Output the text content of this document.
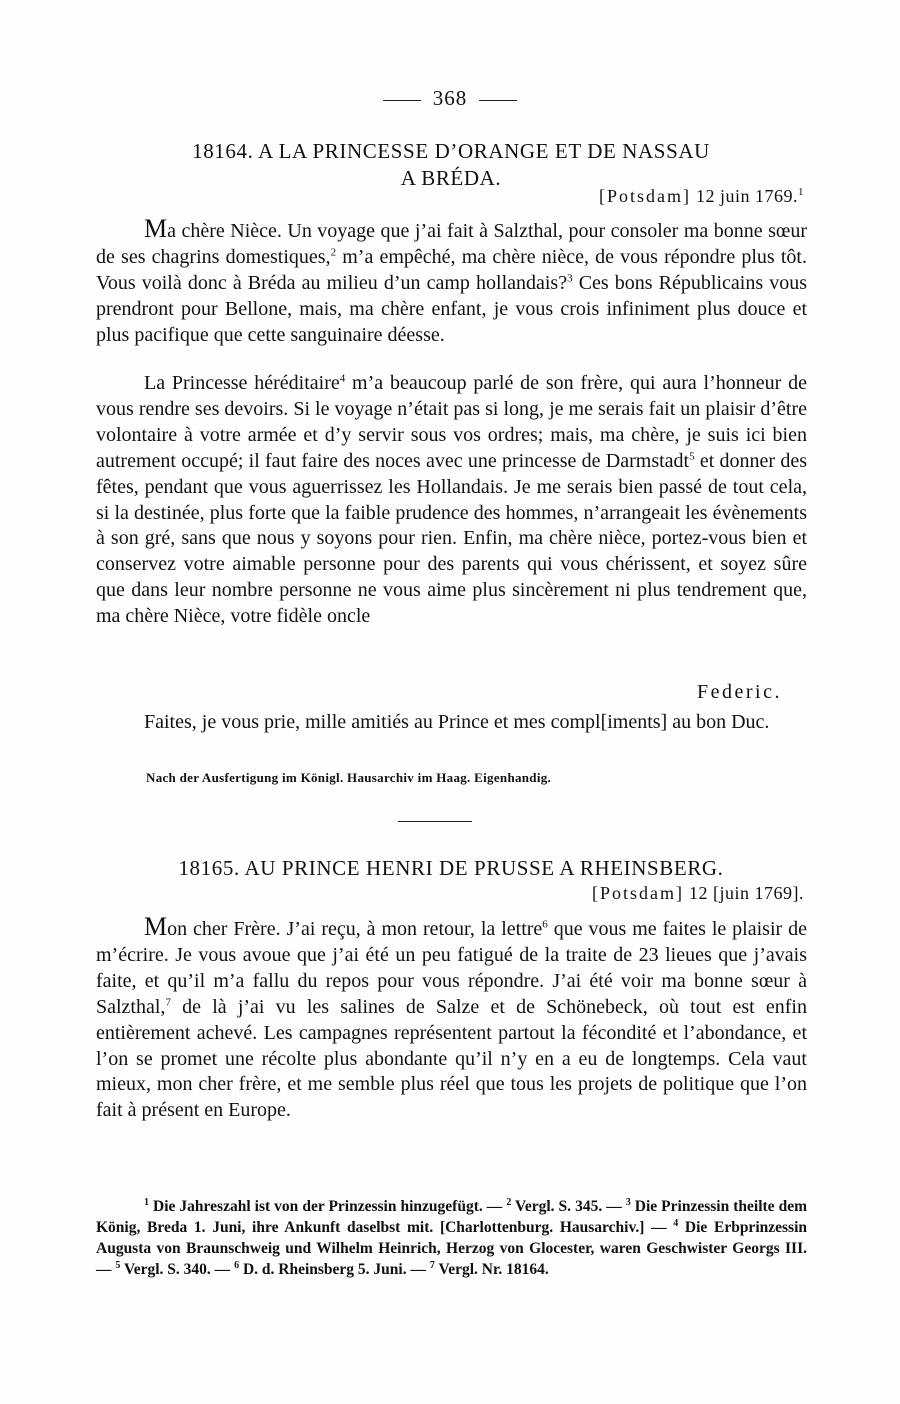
368
18164. A LA PRINCESSE D’ORANGE ET DE NASSAU
A BRÉDA.
[Potsdam] 12 juin 1769.$^1$

Ma chère Nièce. Un voyage que j’ai fait à Salzthal, pour consoler ma bonne sœur de ses chagrins domestiques,$^2$ m’a empêché, ma chère nièce, de vous répondre plus tôt. Vous voilà donc à Bréda au milieu d’un camp hollandais?$^3$ Ces bons Républicains vous prendront pour Bellone, mais, ma chère enfant, je vous crois infiniment plus douce et plus pacifique que cette sanguinaire déesse.

La Princesse héréditaire$^4$ m’a beaucoup parlé de son frère, qui aura l’honneur de vous rendre ses devoirs. Si le voyage n’était pas si long, je me serais fait un plaisir d’être volontaire à votre armée et d’y servir sous vos ordres; mais, ma chère, je suis ici bien autrement occupé; il faut faire des noces avec une princesse de Darmstadt$^5$ et donner des fêtes, pendant que vous aguerrissez les Hollandais. Je me serais bien passé de tout cela, si la destinée, plus forte que la faible prudence des hommes, n’arrangeait les évènements à son gré, sans que nous y soyons pour rien. Enfin, ma chère nièce, portez-vous bien et conservez votre aimable personne pour des parents qui vous chérissent, et soyez sûre que dans leur nombre personne ne vous aime plus sincèrement ni plus tendrement que, ma chère Nièce, votre fidèle oncle

Federic.

Faites, je vous prie, mille amitiés au Prince et mes compl[iments] au bon Duc.

Nach der Ausfertigung im Königl. Hausarchiv im Haag. Eigenhandig.
18165. AU PRINCE HENRI DE PRUSSE A RHEINSBERG.
[Potsdam] 12 [juin 1769].

Mon cher Frère. J’ai reçu, à mon retour, la lettre$^6$ que vous me faites le plaisir de m’écrire. Je vous avoue que j’ai été un peu fatigué de la traite de 23 lieues que j’avais faite, et qu’il m’a fallu du repos pour vous répondre. J’ai été voir ma bonne sœur à Salzthal,$^7$ de là j’ai vu les salines de Salze et de Schönebeck, où tout est enfin entièrement achevé. Les campagnes représentent partout la fécondité et l’abondance, et l’on se promet une récolte plus abondante qu’il n’y en a eu de longtemps. Cela vaut mieux, mon cher frère, et me semble plus réel que tous les projets de politique que l’on fait à présent en Europe.

$^1$ Die Jahreszahl ist von der Prinzessin hinzugefügt. — $^2$ Vergl. S. 345. — $^3$ Die Prinzessin theilte dem König, Breda 1. Juni, ihre Ankunft daselbst mit. [Charlottenburg. Hausarchiv.] — $^4$ Die Erbprinzessin Augusta von Braunschweig und Wilhelm Heinrich, Herzog von Glocester, waren Geschwister Georgs III. — $^5$ Vergl. S. 340. — $^6$ D. d. Rheinsberg 5. Juni. — $^7$ Vergl. Nr. 18164.
